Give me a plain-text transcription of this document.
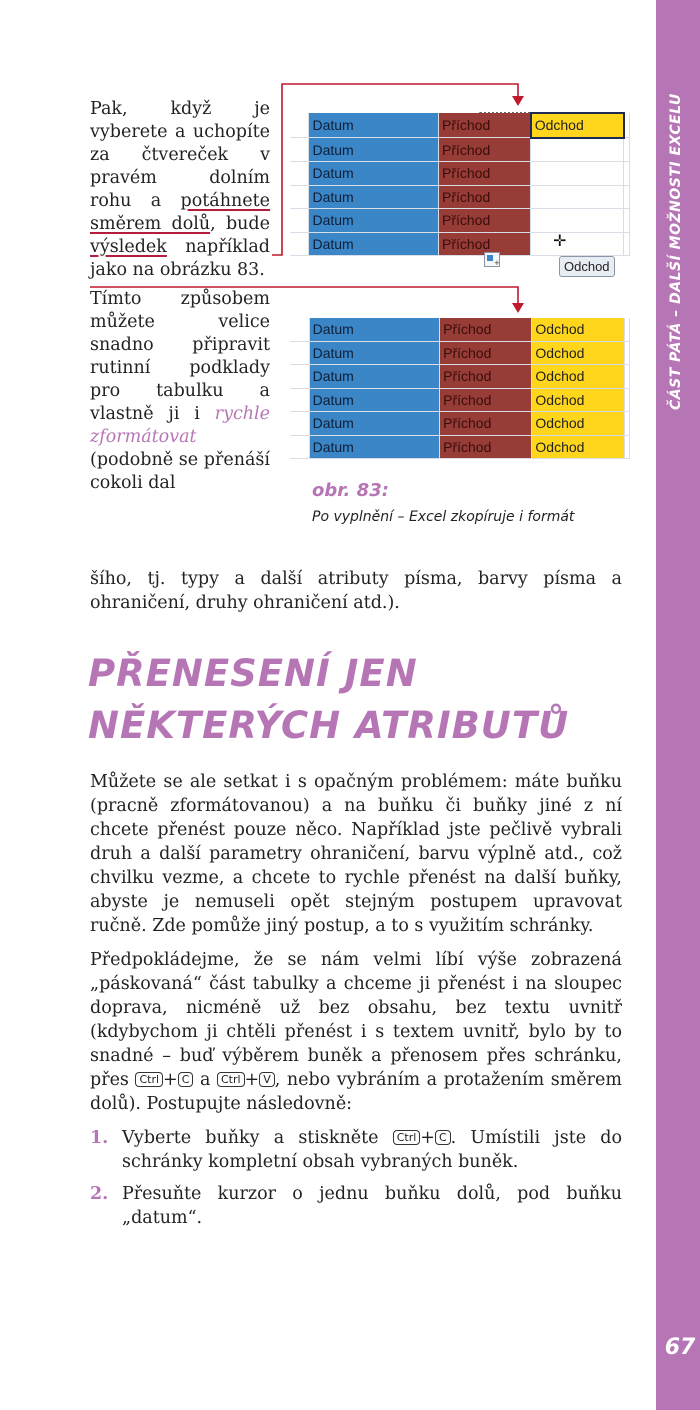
ČÁST PÁTÁ – DALŠÍ MOŽNOSTI EXCELU
67

Pak, když je vyberete a uchopíte za čtvereček v pravém dolním rohu a potáhnete směrem dolů, bude výsledek například jako na obrázku 83.

Tímto způsobem můžete velice snadno připravit rutinní podklady pro tabulku a vlastně ji i rychle zformátovat (podobně se přenáší cokoli dal

šího, tj. typy a další atributy písma, barvy písma a ohraničení, druhy ohraničení atd.).

	Datum	Příchod	Odchod	
	Datum	Příchod		
	Datum	Příchod		
	Datum	Příchod		
	Datum	Příchod		
	Datum	Příchod		
+
✛
Odchod
	Datum	Příchod	Odchod	
	Datum	Příchod	Odchod	
	Datum	Příchod	Odchod	
	Datum	Příchod	Odchod	
	Datum	Příchod	Odchod	
	Datum	Příchod	Odchod	
obr. 83:
Po vyplnění – Excel zkopíruje i formát
PŘENESENÍ JEN NĚKTERÝCH ATRIBUTŮ

Můžete se ale setkat i s opačným problémem: máte buňku (pracně zformátovanou) a na buňku či buňky jiné z ní chcete přenést pouze něco. Například jste pečlivě vybrali druh a další parametry ohraničení, barvu výplně atd., což chvilku vezme, a chcete to rychle přenést na další buňky, abyste je nemuseli opět stejným postupem upravovat ručně. Zde pomůže jiný postup, a to s využitím schránky.

Předpokládejme, že se nám velmi líbí výše zobrazená „páskovaná“ část tabulky a chceme ji přenést i na sloupec doprava, nicméně už bez obsahu, bez textu uvnitř (kdybychom ji chtěli přenést i s textem uvnitř, bylo by to snadné – buď výběrem buněk a přenosem přes schránku, přes Ctrl + C a Ctrl + V , nebo vybráním a protažením směrem dolů). Postupujte následovně:

1. Vyberte buňky a stiskněte Ctrl + C . Umístili jste do schránky kompletní obsah vybraných buněk.
2. Přesuňte kurzor o jednu buňku dolů, pod buňku „datum“.
